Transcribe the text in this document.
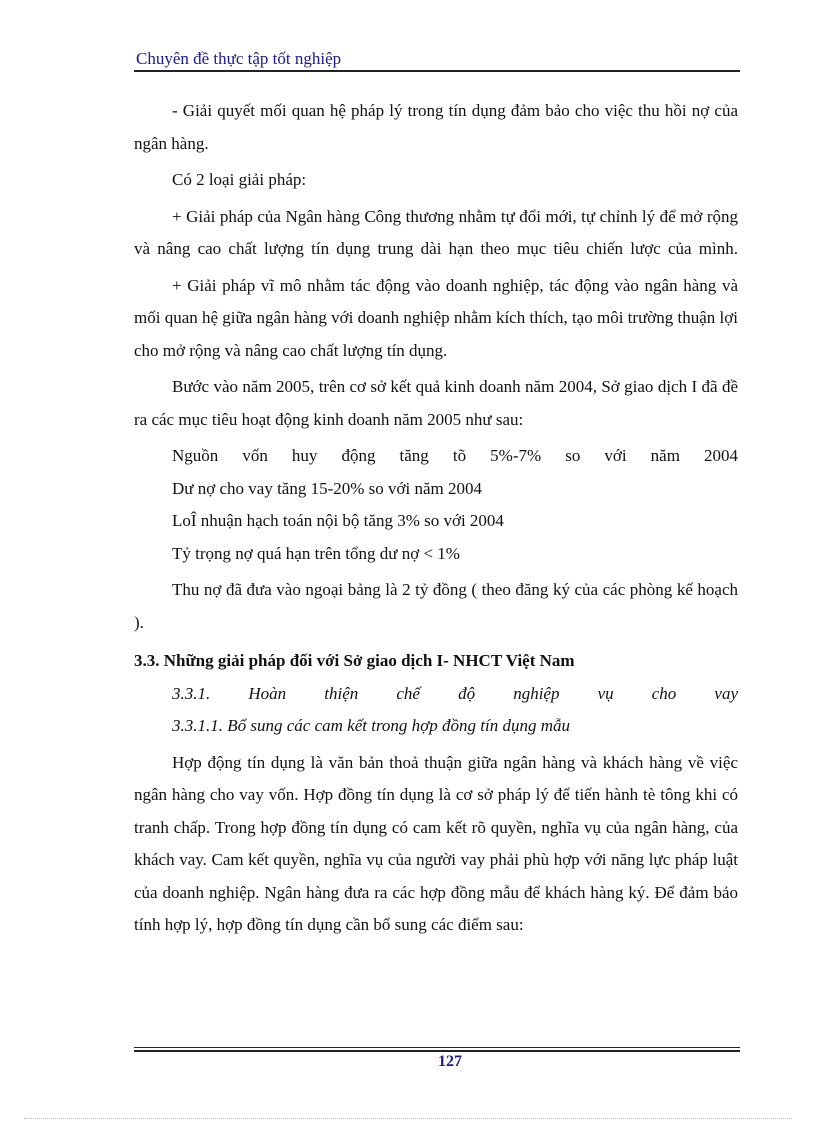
Chuyên đề thực tập tốt nghiệp

- Giải quyết mối quan hệ pháp lý trong tín dụng đảm bảo cho việc thu hồi nợ của ngân hàng.

Có 2 loại giải pháp:

+ Giải pháp của Ngân hàng Công thương nhằm tự đổi mới, tự chỉnh lý để mở rộng và nâng cao chất lượng tín dụng trung dài hạn theo mục tiêu chiến lược của mình.

+ Giải pháp vĩ mô nhằm tác động vào doanh nghiệp, tác động vào ngân hàng và mối quan hệ giữa ngân hàng với doanh nghiệp nhằm kích thích, tạo môi trường thuận lợi cho mở rộng và nâng cao chất lượng tín dụng.

Bước vào năm 2005, trên cơ sở kết quả kinh doanh năm 2004, Sở giao dịch I đã đề ra các mục tiêu hoạt động kinh doanh năm 2005 như sau:

Nguồn vốn huy động tăng tõ 5%-7% so với năm 2004

Dư nợ cho vay tăng 15-20% so với năm 2004

LoÎ nhuận hạch toán nội bộ tăng 3% so với 2004

Tỷ trọng nợ quá hạn trên tổng dư nợ < 1%

Thu nợ đã đưa vào ngoại bảng là 2 tỷ đồng ( theo đăng ký của các phòng kế hoạch ).

3.3. Những giải pháp đối với Sở giao dịch I- NHCT Việt Nam

3.3.1. Hoàn thiện chế độ nghiệp vụ cho vay

3.3.1.1. Bổ sung các cam kết trong hợp đồng tín dụng mẫu

Hợp động tín dụng là văn bản thoả thuận giữa ngân hàng và khách hàng về việc ngân hàng cho vay vốn. Hợp đồng tín dụng là cơ sở pháp lý để tiến hành tè tông khi có tranh chấp. Trong hợp đồng tín dụng có cam kết rõ quyền, nghĩa vụ của ngân hàng, của khách vay. Cam kết quyền, nghĩa vụ của người vay phải phù hợp với năng lực pháp luật của doanh nghiệp. Ngân hàng đưa ra các hợp đồng mẫu để khách hàng ký. Để đảm bảo tính hợp lý, hợp đồng tín dụng cần bổ sung các điểm sau:

127
